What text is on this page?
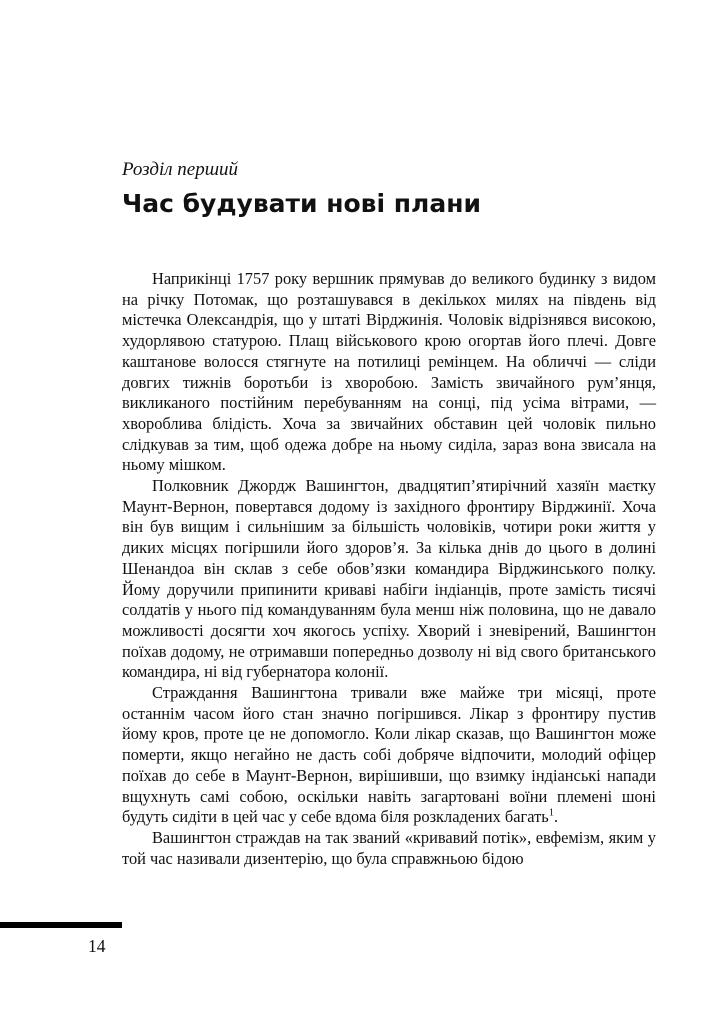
Розділ перший
Час будувати нові плани

Наприкінці 1757 року вершник прямував до великого будинку з видом на річку Потомак, що розташувався в декількох милях на південь від містечка Олександрія, що у штаті Вірджинія. Чоловік відрізнявся високою, худорлявою статурою. Плащ військового крою огортав його плечі. Довге каштанове волосся стягнуте на потилиці ремінцем. На обличчі — сліди довгих тижнів боротьби із хворобою. Замість звичайного рум’янця, викликаного постійним перебуванням на сонці, під усіма вітрами, — хвороблива блідість. Хоча за звичайних обставин цей чоловік пильно слідкував за тим, щоб одежа добре на ньому сиділа, зараз вона звисала на ньому мішком.

Полковник Джордж Вашингтон, двадцятип’ятирічний хазяїн маєтку Маунт-Вернон, повертався додому із західного фронтиру Вірджинії. Хоча він був вищим і сильнішим за більшість чоловіків, чотири роки життя у диких місцях погіршили його здоров’я. За кілька днів до цього в долині Шенандоа він склав з себе обов’язки командира Вірджинського полку. Йому доручили припинити криваві набіги індіанців, проте замість тисячі солдатів у нього під командуванням була менш ніж половина, що не давало можливості досягти хоч якогось успіху. Хворий і зневірений, Вашингтон поїхав додому, не отримавши попередньо дозволу ні від свого британського командира, ні від губернатора колонії.

Страждання Вашингтона тривали вже майже три місяці, проте останнім часом його стан значно погіршився. Лікар з фронтиру пустив йому кров, проте це не допомогло. Коли лікар сказав, що Вашингтон може померти, якщо негайно не дасть собі добряче відпочити, молодий офіцер поїхав до себе в Маунт-Вернон, вирішивши, що взимку індіанські напади вщухнуть самі собою, оскільки навіть загартовані воїни племені шоні будуть сидіти в цей час у себе вдома біля розкладених багать$^1$.

Вашингтон страждав на так званий «кривавий потік», евфемізм, яким у той час називали дизентерію, що була справжньою бідою

14
